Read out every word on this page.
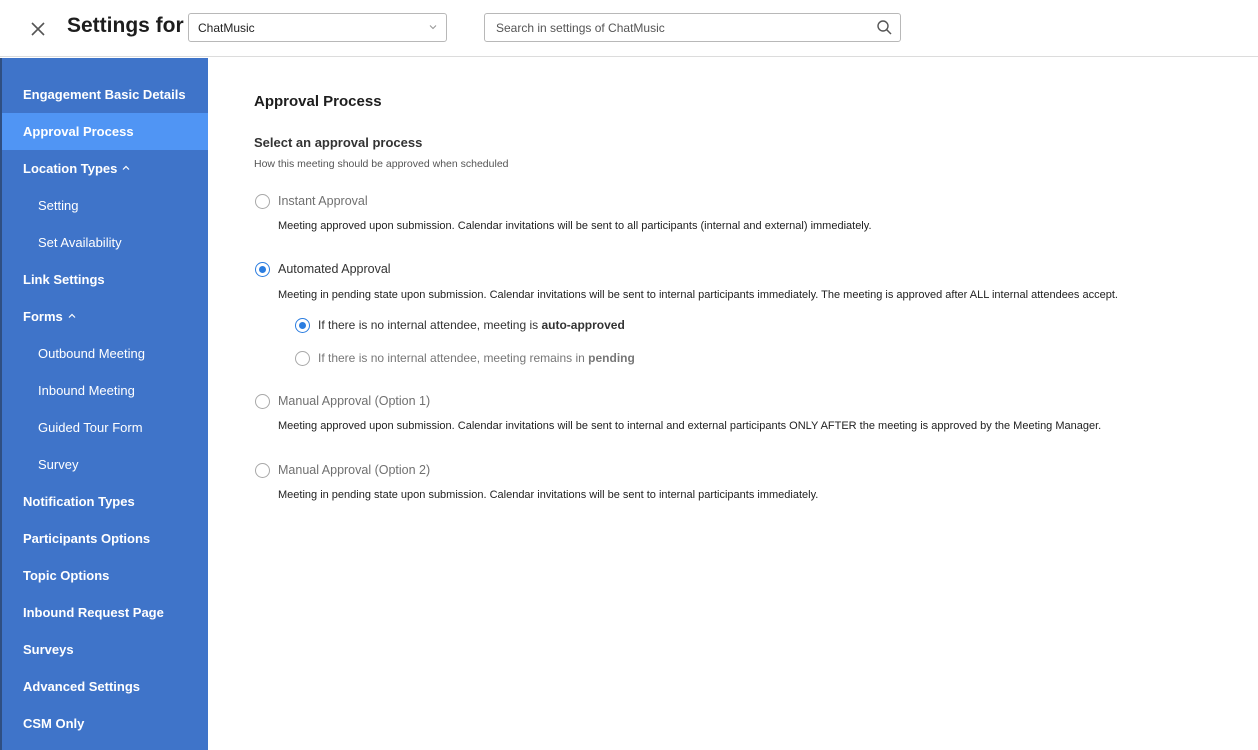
Settings for ChatMusic
Search in settings of ChatMusic
Engagement Basic Details
Approval Process
Location Types
Setting
Set Availability
Link Settings
Forms
Outbound Meeting
Inbound Meeting
Guided Tour Form
Survey
Notification Types
Participants Options
Topic Options
Inbound Request Page
Surveys
Advanced Settings
CSM Only
Approval Process
Select an approval process
How this meeting should be approved when scheduled
Instant Approval
Meeting approved upon submission. Calendar invitations will be sent to all participants (internal and external) immediately.
Automated Approval
Meeting in pending state upon submission. Calendar invitations will be sent to internal participants immediately. The meeting is approved after ALL internal attendees accept.
If there is no internal attendee, meeting is auto-approved
If there is no internal attendee, meeting remains in pending
Manual Approval (Option 1)
Meeting approved upon submission. Calendar invitations will be sent to internal and external participants ONLY AFTER the meeting is approved by the Meeting Manager.
Manual Approval (Option 2)
Meeting in pending state upon submission. Calendar invitations will be sent to internal participants immediately.
